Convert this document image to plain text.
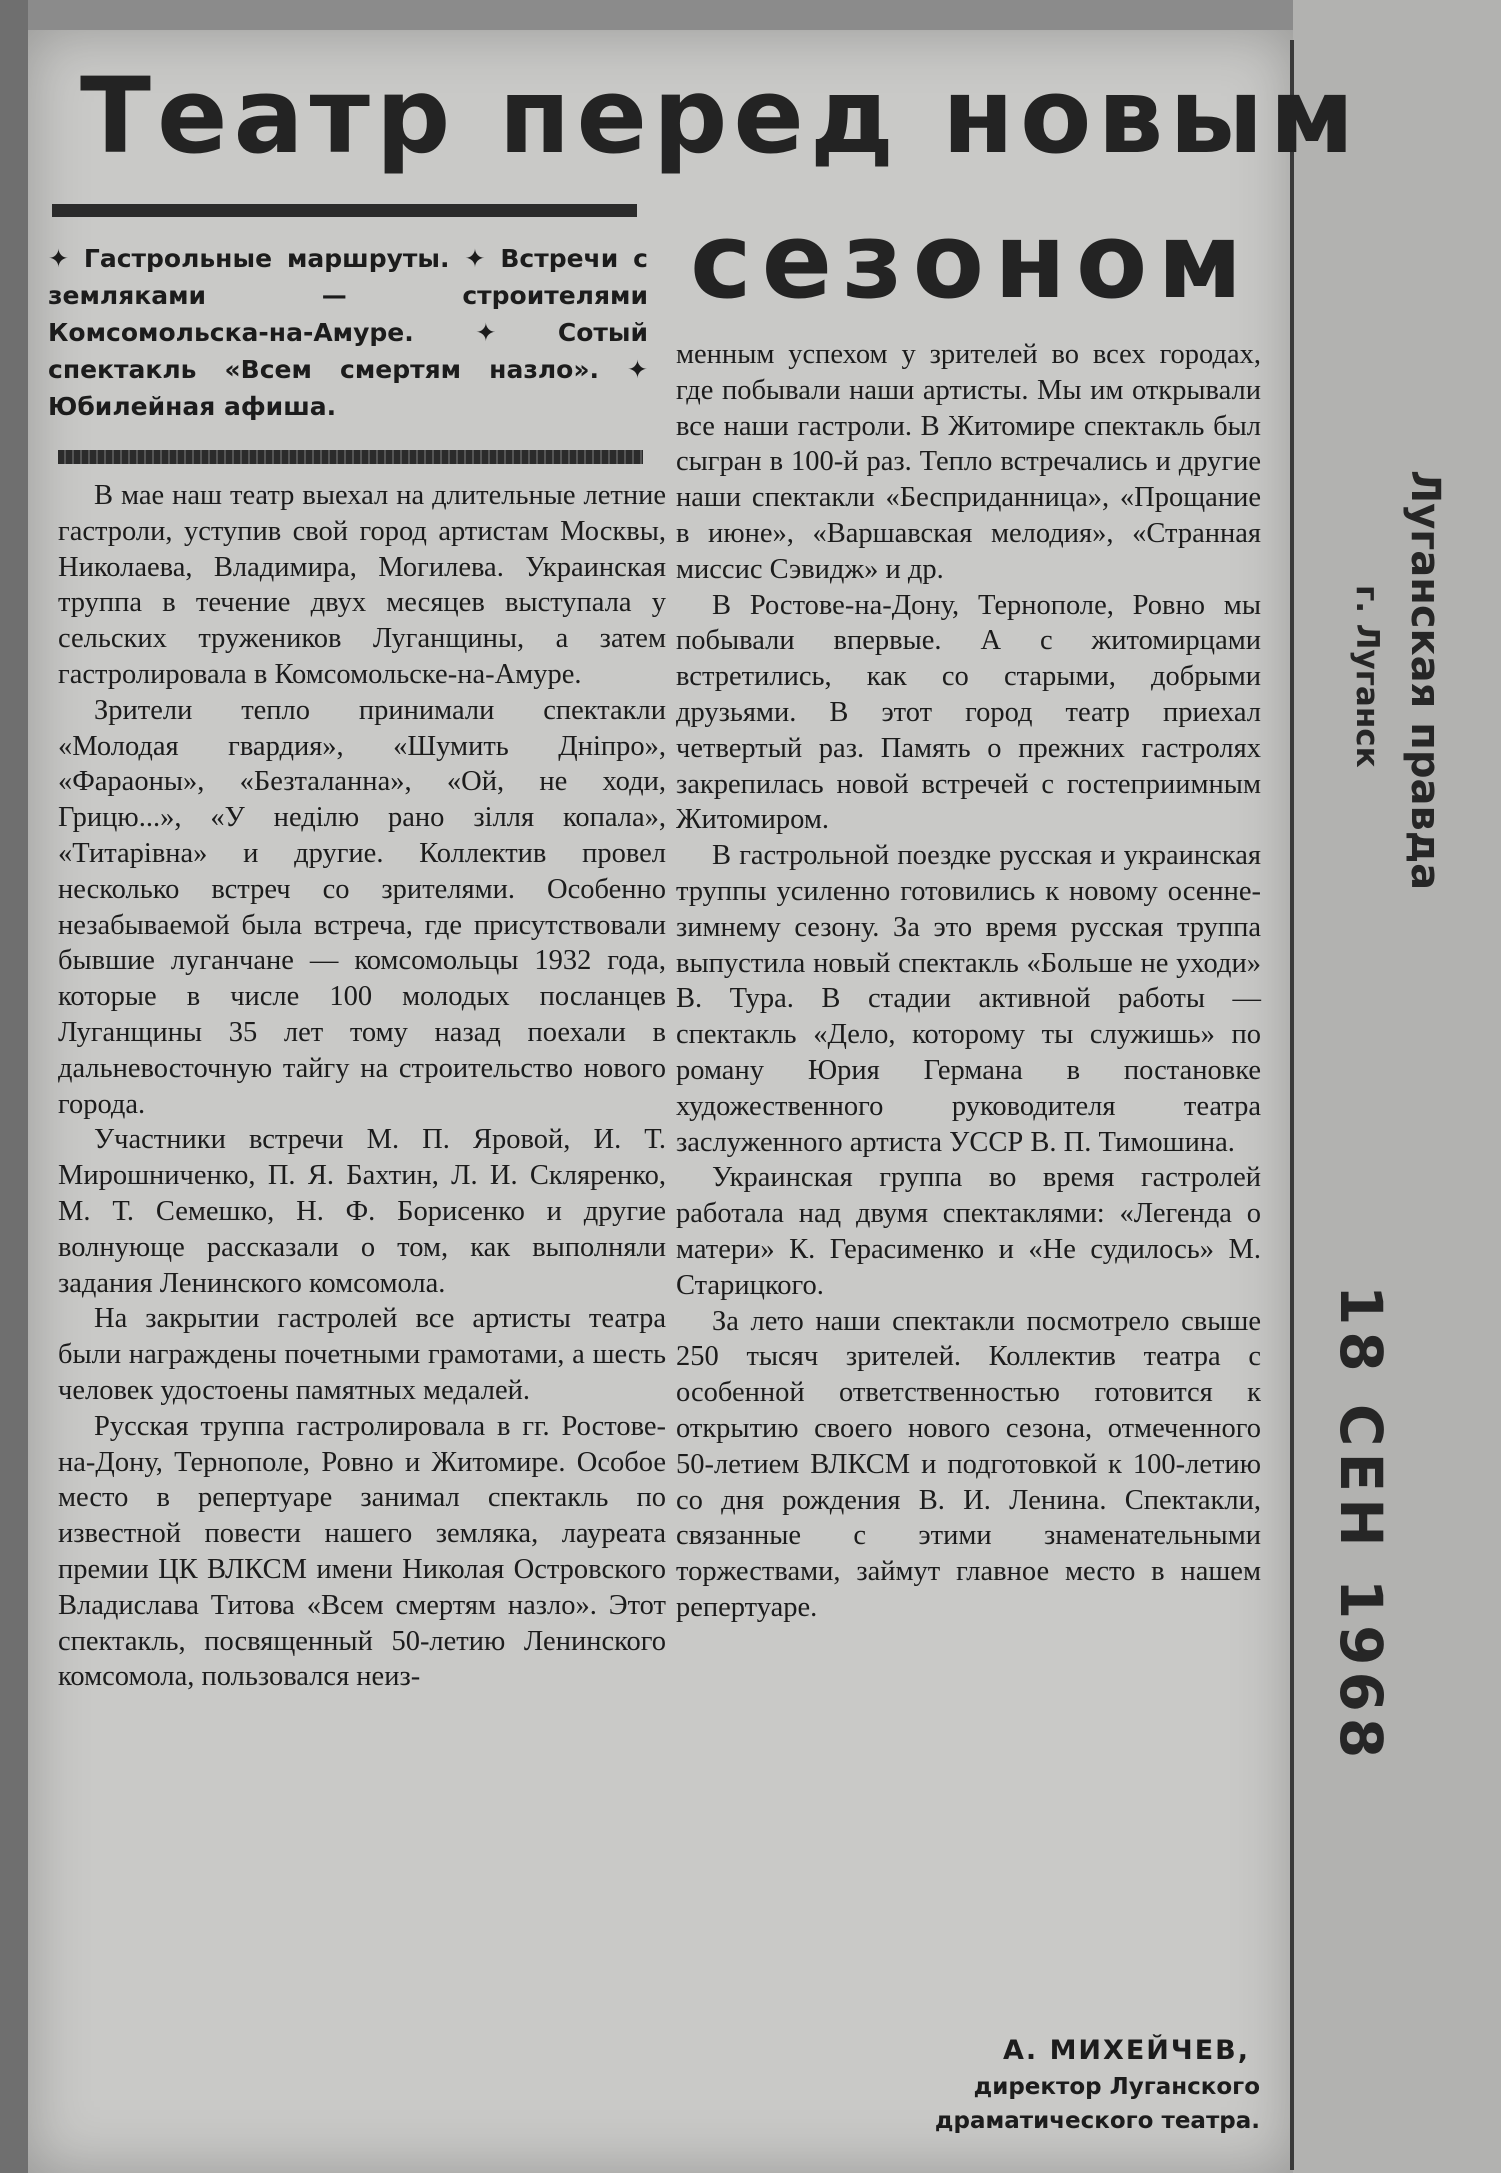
Театр перед новым
сезоном

✦ Гастрольные маршруты. ✦ Встречи с земляками — строителями Комсомольска-на-Амуре. ✦ Сотый спектакль «Всем смертям назло». ✦ Юбилейная афиша.

В мае наш театр выехал на длительные летние гастроли, уступив свой город артистам Москвы, Николаева, Владимира, Могилева. Украинская труппа в течение двух месяцев выступала у сельских тружеников Луганщины, а затем гастролировала в Комсомольске-на-Амуре.

Зрители тепло принимали спектакли «Молодая гвардия», «Шумить Дніпро», «Фараоны», «Безталанна», «Ой, не ходи, Грицю...», «У неділю рано зілля копала», «Титарівна» и другие. Коллектив провел несколько встреч со зрителями. Особенно незабываемой была встреча, где присутствовали бывшие луганчане — комсомольцы 1932 года, которые в числе 100 молодых посланцев Луганщины 35 лет тому назад поехали в дальневосточную тайгу на строительство нового города.

Участники встречи М. П. Яровой, И. Т. Мирошниченко, П. Я. Бахтин, Л. И. Скляренко, М. Т. Семешко, Н. Ф. Борисенко и другие волнующе рассказали о том, как выполняли задания Ленинского комсомола.

На закрытии гастролей все артисты театра были награждены почетными грамотами, а шесть человек удостоены памятных медалей.

Русская труппа гастролировала в гг. Ростове-на-Дону, Тернополе, Ровно и Житомире. Особое место в репертуаре занимал спектакль по известной повести нашего земляка, лауреата премии ЦК ВЛКСМ имени Николая Островского Владислава Титова «Всем смертям назло». Этот спектакль, посвященный 50-летию Ленинского комсомола, пользовался неиз-

менным успехом у зрителей во всех городах, где побывали наши артисты. Мы им открывали все наши гастроли. В Житомире спектакль был сыгран в 100-й раз. Тепло встречались и другие наши спектакли «Бесприданница», «Прощание в июне», «Варшавская мелодия», «Странная миссис Сэвидж» и др.

В Ростове-на-Дону, Тернополе, Ровно мы побывали впервые. А с житомирцами встретились, как со старыми, добрыми друзьями. В этот город театр приехал четвертый раз. Память о прежних гастролях закрепилась новой встречей с гостеприимным Житомиром.

В гастрольной поездке русская и украинская труппы усиленно готовились к новому осенне-зимнему сезону. За это время русская труппа выпустила новый спектакль «Больше не уходи» В. Тура. В стадии активной работы — спектакль «Дело, которому ты служишь» по роману Юрия Германа в постановке художественного руководителя театра заслуженного артиста УССР В. П. Тимошина.

Украинская группа во время гастролей работала над двумя спектаклями: «Легенда о матери» К. Герасименко и «Не судилось» М. Старицкого.

За лето наши спектакли посмотрело свыше 250 тысяч зрителей. Коллектив театра с особенной ответственностью готовится к открытию своего нового сезона, отмеченного 50-летием ВЛКСМ и подготовкой к 100-летию со дня рождения В. И. Ленина. Спектакли, связанные с этими знаменательными торжествами, займут главное место в нашем репертуаре.

А. МИХЕЙЧЕВ,
директор Луганского
драматического театра.

Луганская правда

г. Луганск

18 СЕН 1968
